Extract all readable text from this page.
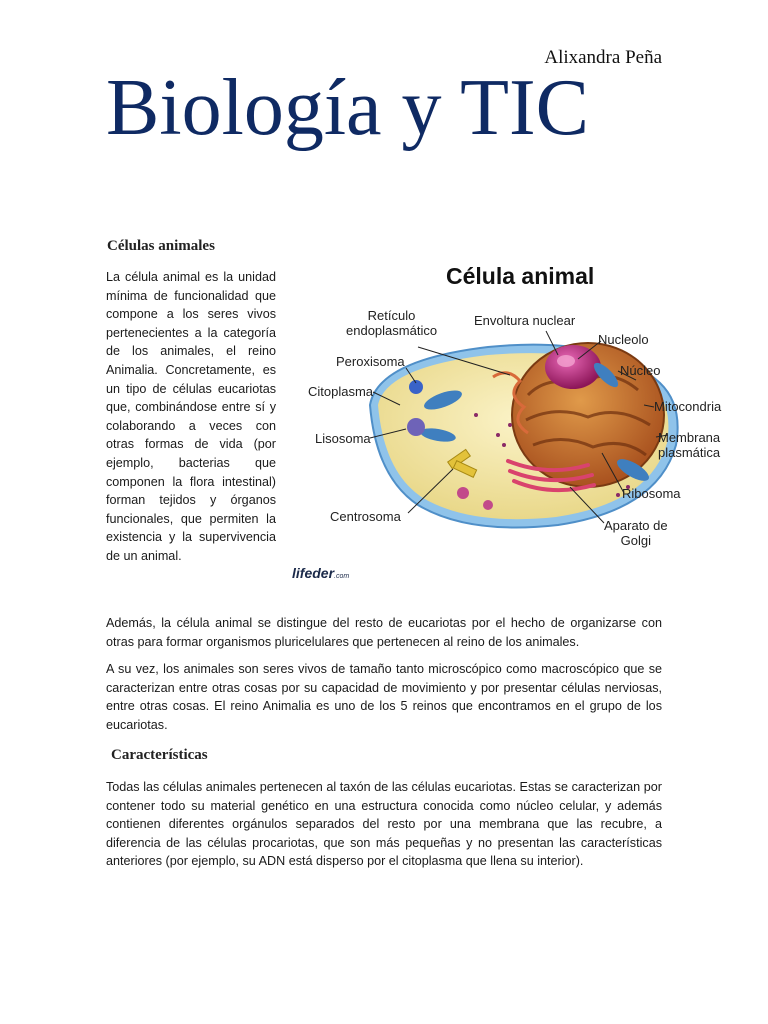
Alixandra Peña
Biología y TIC
Células animales
La célula animal es la unidad mínima de funcionalidad que compone a los seres vivos pertenecientes a la categoría de los animales, el reino Animalia. Concretamente, es un tipo de células eucariotas que, combinándose entre sí y colaborando a veces con otras formas de vida (por ejemplo, bacterias que componen la flora intestinal) forman tejidos y órganos funcionales, que permiten la existencia y la supervivencia de un animal.
Célula animal
Retículo
endoplasmático
Envoltura nuclear
Nucleolo
Peroxisoma
Núcleo
Citoplasma
Mitocondria
Lisosoma	Membrana
plasmática
Ribosoma
Centrosoma
Aparato de
Golgi
lifeder.com

Además, la célula animal se distingue del resto de eucariotas por el hecho de organizarse con otras para formar organismos pluricelulares que pertenecen al reino de los animales.

A su vez, los animales son seres vivos de tamaño tanto microscópico como macroscópico que se caracterizan entre otras cosas por su capacidad de movimiento y por presentar células nerviosas, entre otras cosas. El reino Animalia es uno de los 5 reinos que encontramos en el grupo de los eucariotas.

Características

Todas las células animales pertenecen al taxón de las células eucariotas. Estas se caracterizan por contener todo su material genético en una estructura conocida como núcleo celular, y además contienen diferentes orgánulos separados del resto por una membrana que las recubre, a diferencia de las células procariotas, que son más pequeñas y no presentan las características anteriores (por ejemplo, su ADN está disperso por el citoplasma que llena su interior).
